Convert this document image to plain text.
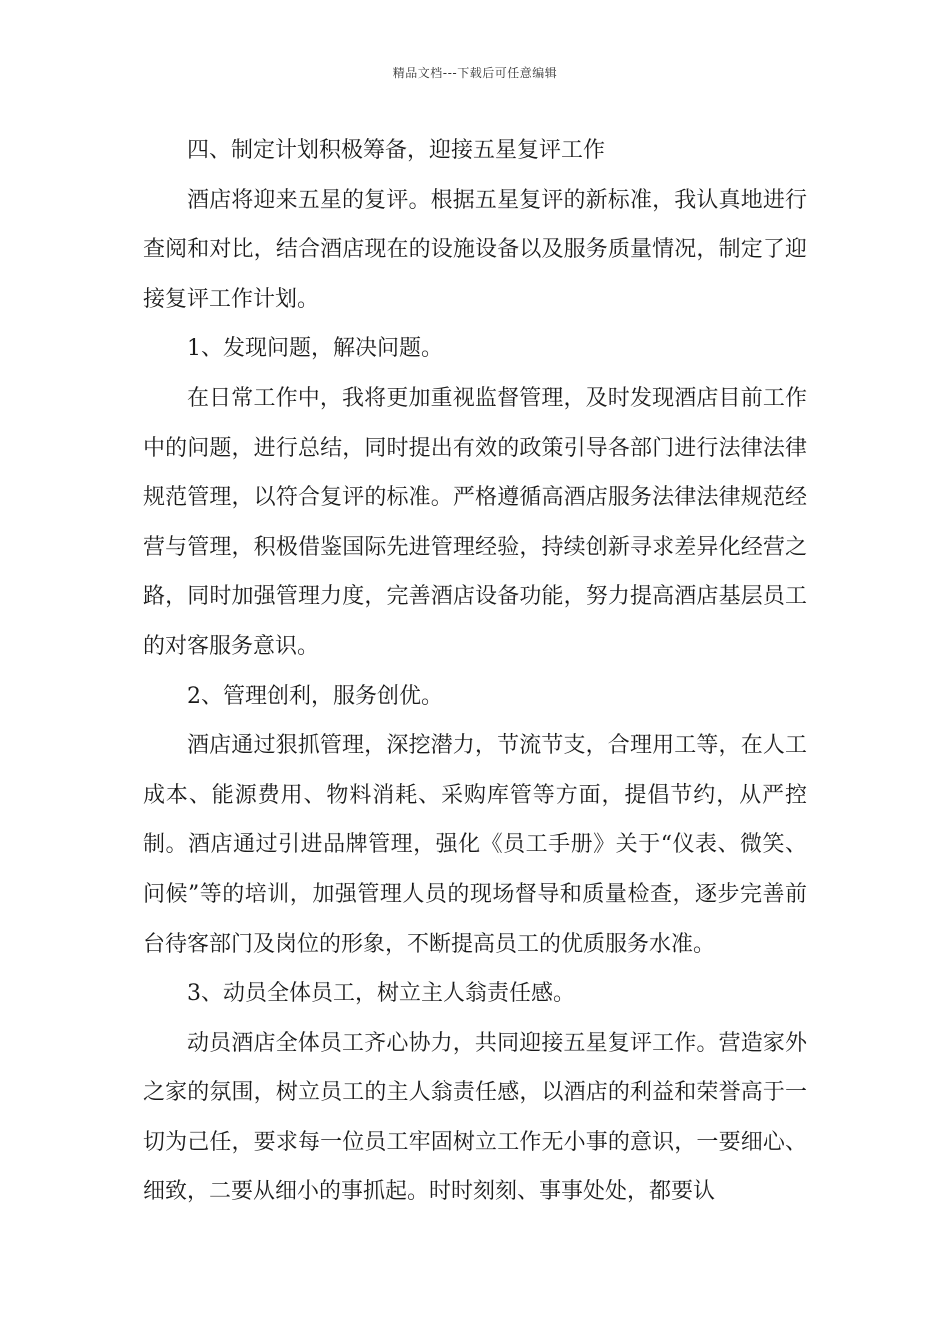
精品文档---下载后可任意编辑

四、制定计划积极筹备，迎接五星复评工作

酒店将迎来五星的复评。根据五星复评的新标准，我认真地进行查阅和对比，结合酒店现在的设施设备以及服务质量情况，制定了迎接复评工作计划。

1、发现问题，解决问题。

在日常工作中，我将更加重视监督管理，及时发现酒店目前工作中的问题，进行总结，同时提出有效的政策引导各部门进行法律法律规范管理，以符合复评的标准。严格遵循高酒店服务法律法律规范经营与管理，积极借鉴国际先进管理经验，持续创新寻求差异化经营之路，同时加强管理力度，完善酒店设备功能，努力提高酒店基层员工的对客服务意识。

2、管理创利，服务创优。

酒店通过狠抓管理，深挖潜力，节流节支，合理用工等，在人工成本、能源费用、物料消耗、采购库管等方面，提倡节约，从严控制。酒店通过引进品牌管理，强化《员工手册》关于“仪表、微笑、问候”等的培训，加强管理人员的现场督导和质量检查，逐步完善前台待客部门及岗位的形象，不断提高员工的优质服务水准。

3、动员全体员工，树立主人翁责任感。

动员酒店全体员工齐心协力，共同迎接五星复评工作。营造家外之家的氛围，树立员工的主人翁责任感，以酒店的利益和荣誉高于一切为己任，要求每一位员工牢固树立工作无小事的意识，一要细心、细致，二要从细小的事抓起。时时刻刻、事事处处，都要认
